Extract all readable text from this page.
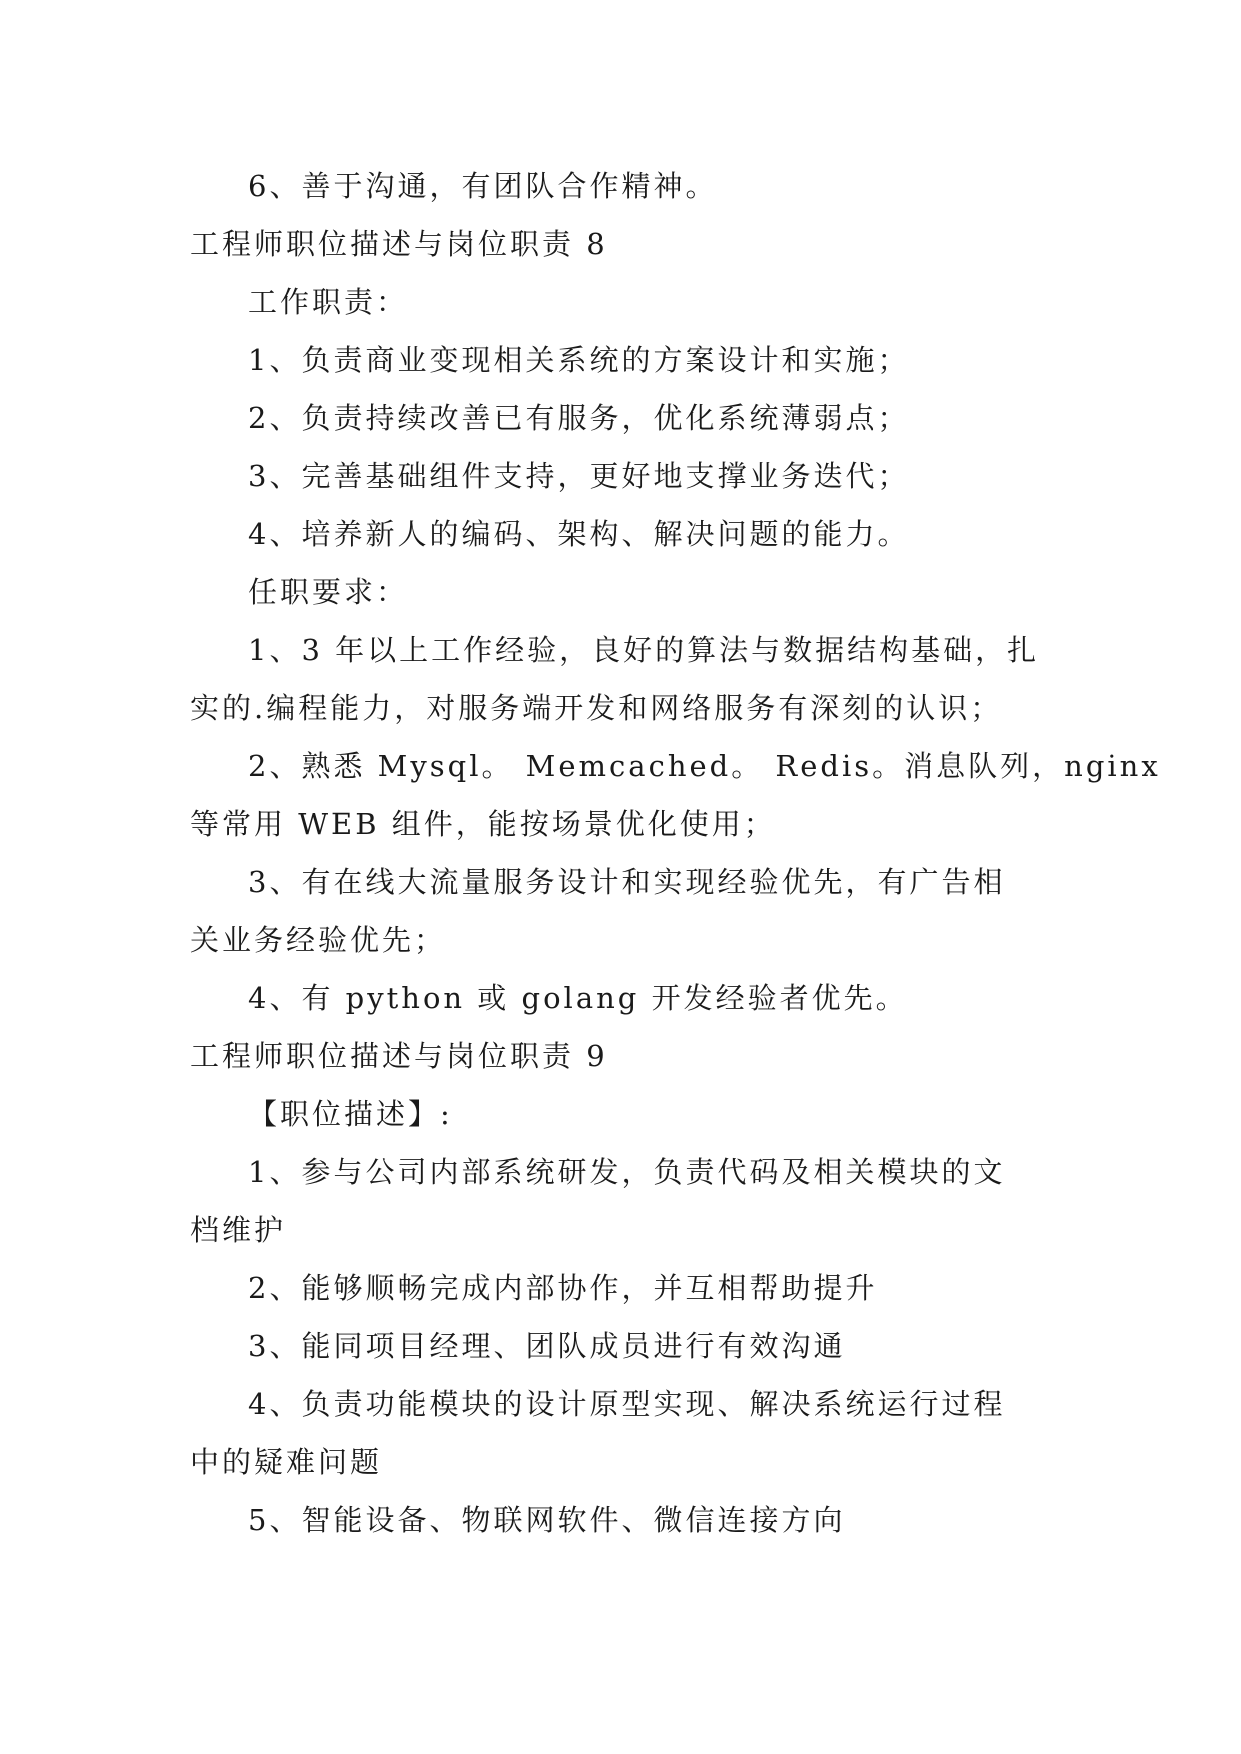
6、善于沟通，有团队合作精神。

工程师职位描述与岗位职责 8

工作职责：

1、负责商业变现相关系统的方案设计和实施；

2、负责持续改善已有服务，优化系统薄弱点；

3、完善基础组件支持，更好地支撑业务迭代；

4、培养新人的编码、架构、解决问题的能力。

任职要求：

1、3 年以上工作经验，良好的算法与数据结构基础，扎

实的.编程能力，对服务端开发和网络服务有深刻的认识；

2、熟悉 Mysql。 Memcached。 Redis。消息队列，nginx

等常用 WEB 组件，能按场景优化使用；

3、有在线大流量服务设计和实现经验优先，有广告相

关业务经验优先；

4、有 python 或 golang 开发经验者优先。

工程师职位描述与岗位职责 9

【职位描述】:

1、参与公司内部系统研发，负责代码及相关模块的文

档维护

2、能够顺畅完成内部协作，并互相帮助提升

3、能同项目经理、团队成员进行有效沟通

4、负责功能模块的设计原型实现、解决系统运行过程

中的疑难问题

5、智能设备、物联网软件、微信连接方向
